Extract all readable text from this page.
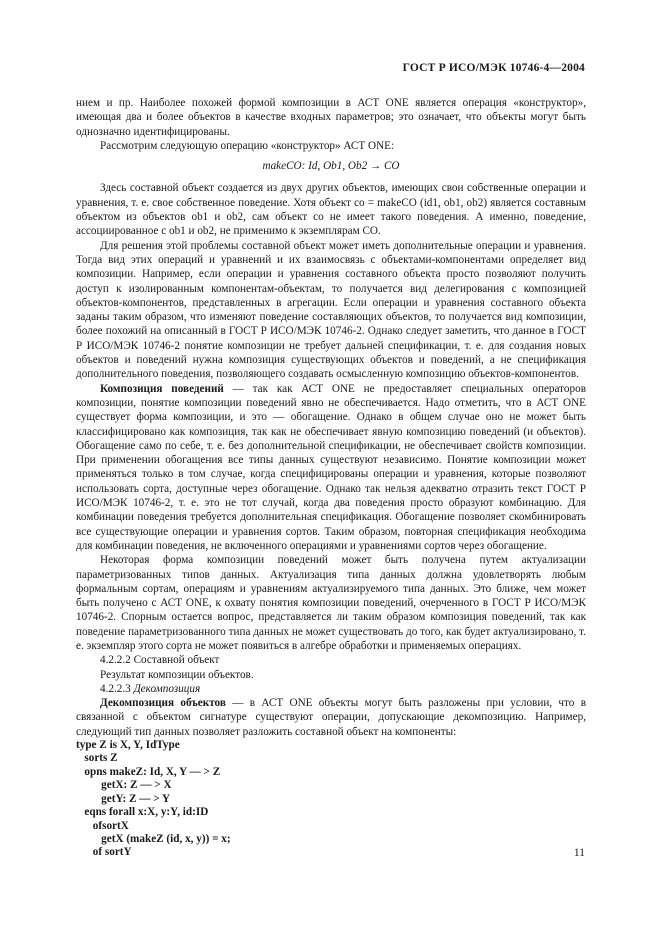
ГОСТ Р ИСО/МЭК 10746-4—2004

нием и пр. Наиболее похожей формой композиции в АСТ ONE является операция «конструктор», имеющая два и более объектов в качестве входных параметров; это означает, что объекты могут быть однозначно идентифицированы.

Рассмотрим следующую операцию «конструктор» АСТ ONE:

makeCO: Id, Ob1, Ob2 → CO

Здесь составной объект создается из двух других объектов, имеющих свои собственные операции и уравнения, т. е. свое собственное поведение. Хотя объект co = makeCO (id1, ob1, ob2) является составным объектом из объектов ob1 и ob2, сам объект co не имеет такого поведения. А именно, поведение, ассоциированное с ob1 и ob2, не применимо к экземплярам CO.

Для решения этой проблемы составной объект может иметь дополнительные операции и уравнения. Тогда вид этих операций и уравнений и их взаимосвязь с объектами-компонентами определяет вид композиции. Например, если операции и уравнения составного объекта просто позволяют получить доступ к изолированным компонентам-объектам, то получается вид делегирования с композицией объектов-компонентов, представленных в агрегации. Если операции и уравнения составного объекта заданы таким образом, что изменяют поведение составляющих объектов, то получается вид композиции, более похожий на описанный в ГОСТ Р ИСО/МЭК 10746-2. Однако следует заметить, что данное в ГОСТ Р ИСО/МЭК 10746-2 понятие композиции не требует дальней спецификации, т. е. для создания новых объектов и поведений нужна композиция существующих объектов и поведений, а не спецификация дополнительного поведения, позволяющего создавать осмысленную композицию объектов-компонентов.

Композиция поведений — так как АСТ ONE не предоставляет специальных операторов композиции, понятие композиции поведений явно не обеспечивается. Надо отметить, что в АСТ ONE существует форма композиции, и это — обогащение. Однако в общем случае оно не может быть классифицировано как композиция, так как не обеспечивает явную композицию поведений (и объектов). Обогащение само по себе, т. е. без дополнительной спецификации, не обеспечивает свойств композиции. При применении обогащения все типы данных существуют независимо. Понятие композиции может применяться только в том случае, когда специфицированы операции и уравнения, которые позволяют использовать сорта, доступные через обогащение. Однако так нельзя адекватно отразить текст ГОСТ Р ИСО/МЭК 10746-2, т. е. это не тот случай, когда два поведения просто образуют комбинацию. Для комбинации поведения требуется дополнительная спецификация. Обогащение позволяет скомбинировать все существующие операции и уравнения сортов. Таким образом, повторная спецификация необходима для комбинации поведения, не включенного операциями и уравнениями сортов через обогащение.

Некоторая форма композиции поведений может быть получена путем актуализации параметризованных типов данных. Актуализация типа данных должна удовлетворять любым формальным сортам, операциям и уравнениям актуализируемого типа данных. Это ближе, чем может быть получено с АСТ ONE, к охвату понятия композиции поведений, очерченного в ГОСТ Р ИСО/МЭК 10746-2. Спорным остается вопрос, представляется ли таким образом композиция поведений, так как поведение параметризованного типа данных не может существовать до того, как будет актуализировано, т. е. экземпляр этого сорта не может появиться в алгебре обработки и применяемых операциях.

4.2.2.2 Составной объект

Результат композиции объектов.

4.2.2.3 Декомпозиция

Декомпозиция объектов — в АСТ ONE объекты могут быть разложены при условии, что в связанной с объектом сигнатуре существуют операции, допускающие декомпозицию. Например, следующий тип данных позволяет разложить составной объект на компоненты:

type Z is X, Y, IdType
sorts Z
opns makeZ: Id, X, Y — > Z
getX: Z — > X
getY: Z — > Y
eqns forall x:X, y:Y, id:ID
ofsortX
getX (makeZ (id, x, y)) = x;
of sortY	11
